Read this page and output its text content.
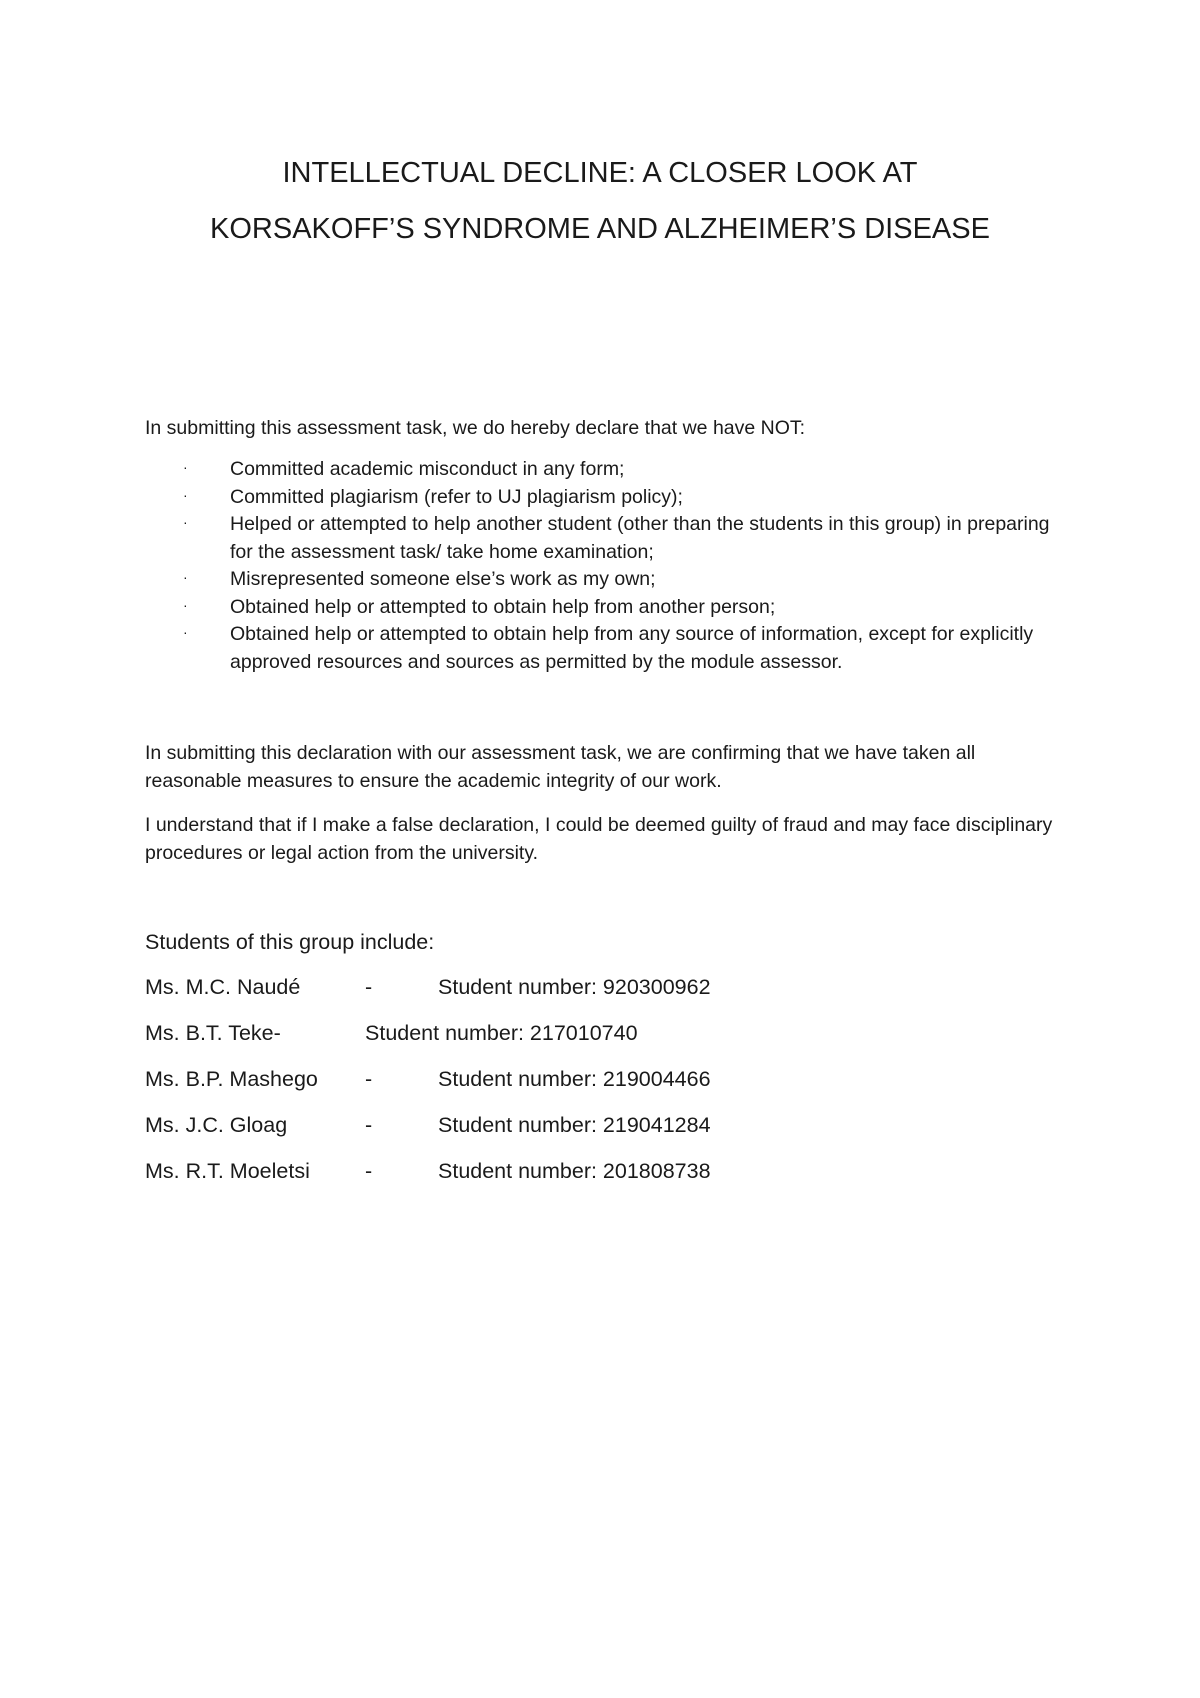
INTELLECTUAL DECLINE: A CLOSER LOOK AT
KORSAKOFF’S SYNDROME AND ALZHEIMER’S DISEASE

In submitting this assessment task, we do hereby declare that we have NOT:

· Committed academic misconduct in any form;
· Committed plagiarism (refer to UJ plagiarism policy);
· Helped or attempted to help another student (other than the students in this group) in preparing for the assessment task/ take home examination;
· Misrepresented someone else’s work as my own;
· Obtained help or attempted to obtain help from another person;
· Obtained help or attempted to obtain help from any source of information, except for explicitly approved resources and sources as permitted by the module assessor.

In submitting this declaration with our assessment task, we are confirming that we have taken all reasonable measures to ensure the academic integrity of our work.

I understand that if I make a false declaration, I could be deemed guilty of fraud and may face disciplinary procedures or legal action from the university.

Students of this group include:

Ms. M.C. Naudé	-	Student number: 920300962
Ms. B.T. Teke-	Student number: 217010740
Ms. B.P. Mashego -	Student number: 219004466
Ms. J.C. Gloag	-	Student number: 219041284
Ms. R.T. Moeletsi	-	Student number: 201808738
